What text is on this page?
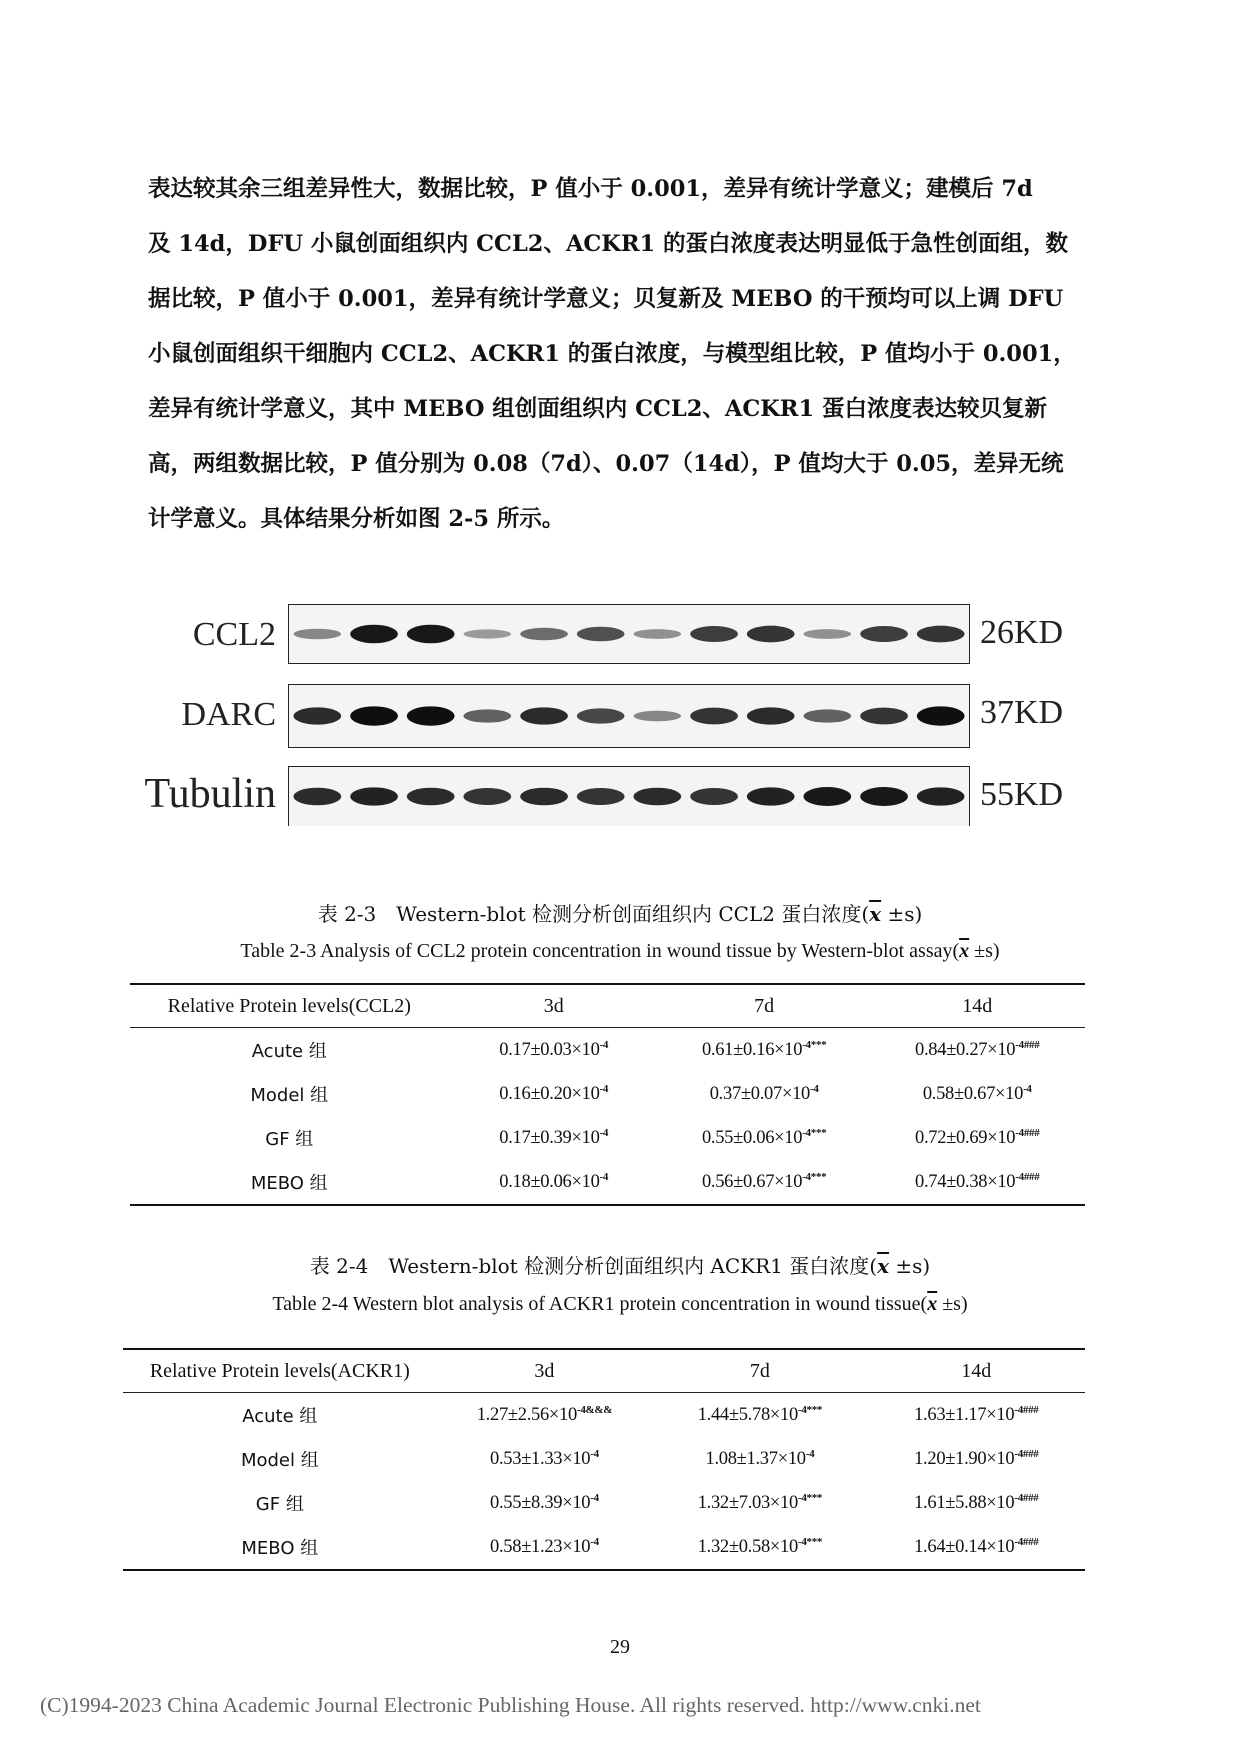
表达较其余三组差异性大，数据比较，P 值小于 0.001，差异有统计学意义；建模后 7d
及 14d，DFU 小鼠创面组织内 CCL2、ACKR1 的蛋白浓度表达明显低于急性创面组，数
据比较，P 值小于 0.001，差异有统计学意义；贝复新及 MEBO 的干预均可以上调 DFU
小鼠创面组织干细胞内 CCL2、ACKR1 的蛋白浓度，与模型组比较，P 值均小于 0.001，
差异有统计学意义，其中 MEBO 组创面组织内 CCL2、ACKR1 蛋白浓度表达较贝复新
高，两组数据比较，P 值分别为 0.08（7d）、0.07（14d），P 值均大于 0.05，差异无统
计学意义。具体结果分析如图 2-5 所示。
CCL2	26KD
DARC	37KD
Tubulin	55KD
表 2-3　Western-blot 检测分析创面组织内 CCL2 蛋白浓度$(\overline{x} \pm s)$
Table 2-3 Analysis of CCL2 protein concentration in wound tissue by Western-blot $assay(\overline{x} \pm s)$
Relative Protein levels(CCL2)	3d	7d	14d
Acute 组	$0.17\pm 0.03\times 10^{-4}$	$0.61\pm 0.16\times 10^{-4***}$	$0.84\pm 0.27\times 10^{-4\#\#\#}$
Model 组	$0.16\pm 0.20\times 10^{-4}$	$0.37\pm 0.07\times 10^{-4}$	$0.58\pm 0.67\times 10^{-4}$
GF 组	$0.17\pm 0.39\times 10^{-4}$	$0.55\pm 0.06\times 10^{-4***}$	$0.72\pm 0.69\times 10^{-4\#\#\#}$
MEBO 组	$0.18\pm 0.06\times 10^{-4}$	$0.56\pm 0.67\times 10^{-4***}$	$0.74\pm 0.38\times 10^{-4\#\#\#}$
表 2-4　Western-blot 检测分析创面组织内 ACKR1 蛋白浓度$(\overline{x} \pm s)$
Table 2-4 Western blot analysis of ACKR1 protein concentration in wound $tissue(\overline{x} \pm s)$
Relative Protein levels(ACKR1)	3d	7d	14d
Acute 组	$1.27\pm 2.56\times 10^{-4\&\&\&}$	$1.44\pm 5.78\times 10^{-4***}$	$1.63\pm 1.17\times 10^{-4\#\#\#}$
Model 组	$0.53\pm 1.33\times 10^{-4}$	$1.08\pm 1.37\times 10^{-4}$	$1.20\pm 1.90\times 10^{-4\#\#\#}$
GF 组	$0.55\pm 8.39\times 10^{-4}$	$1.32\pm 7.03\times 10^{-4***}$	$1.61\pm 5.88\times 10^{-4\#\#\#}$
MEBO 组	$0.58\pm 1.23\times 10^{-4}$	$1.32\pm 0.58\times 10^{-4***}$	$1.64\pm 0.14\times 10^{-4\#\#\#}$
29
(C)1994-2023 China Academic Journal Electronic Publishing House. All rights reserved. http://www.cnki.net
